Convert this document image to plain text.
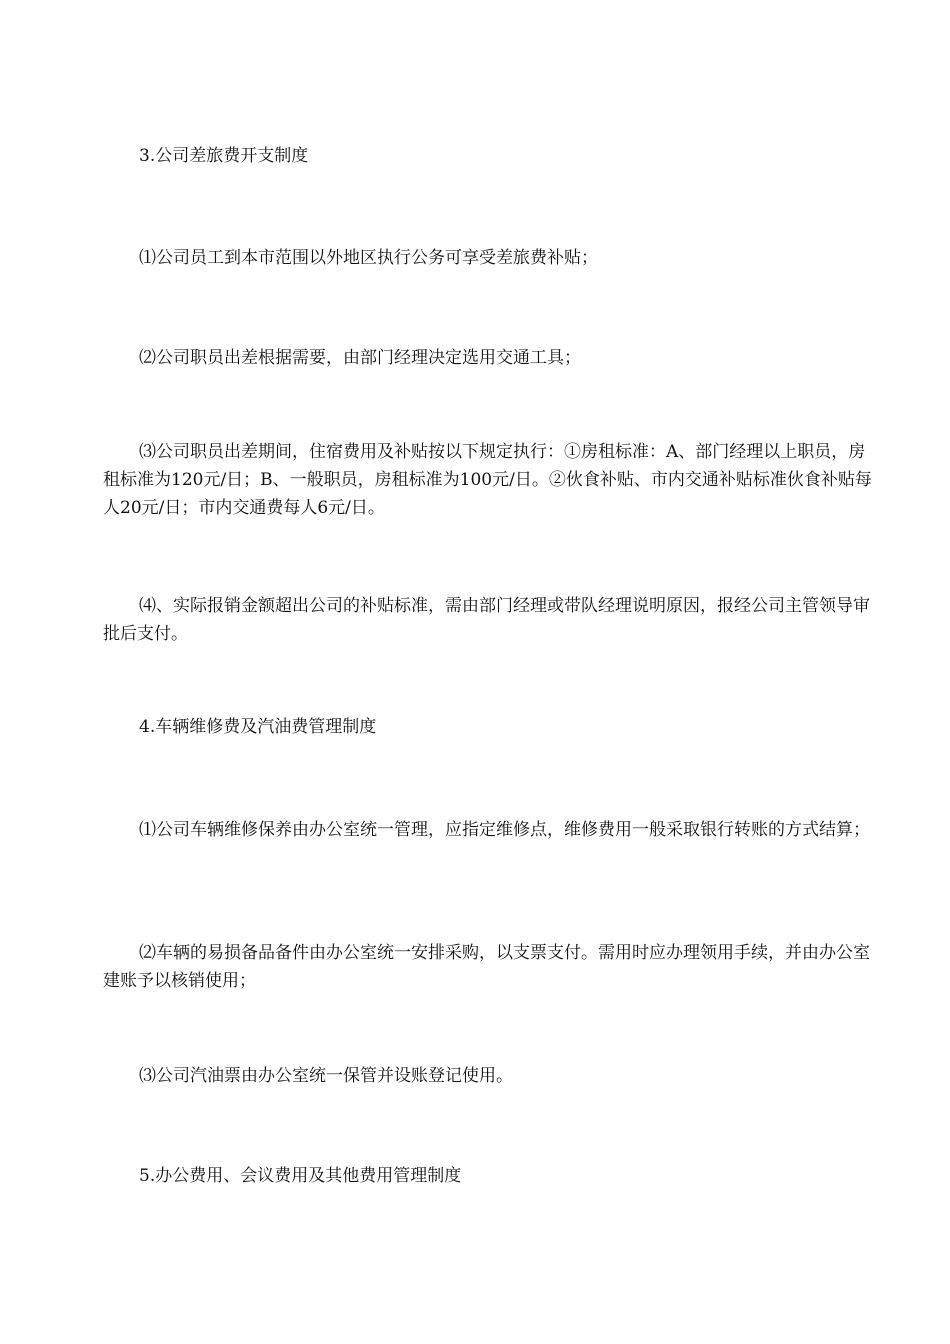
3.公司差旅费开支制度

⑴公司员工到本市范围以外地区执行公务可享受差旅费补贴；

⑵公司职员出差根据需要，由部门经理决定选用交通工具；

⑶公司职员出差期间，住宿费用及补贴按以下规定执行：①房租标准：A、部门经理以上职员，房租标准为120元/日；B、一般职员，房租标准为100元/日。②伙食补贴、市内交通补贴标准伙食补贴每人20元/日；市内交通费每人6元/日。

⑷、实际报销金额超出公司的补贴标准，需由部门经理或带队经理说明原因，报经公司主管领导审批后支付。

4.车辆维修费及汽油费管理制度

⑴公司车辆维修保养由办公室统一管理，应指定维修点，维修费用一般采取银行转账的方式结算；

⑵车辆的易损备品备件由办公室统一安排采购，以支票支付。需用时应办理领用手续，并由办公室建账予以核销使用；

⑶公司汽油票由办公室统一保管并设账登记使用。

5.办公费用、会议费用及其他费用管理制度
